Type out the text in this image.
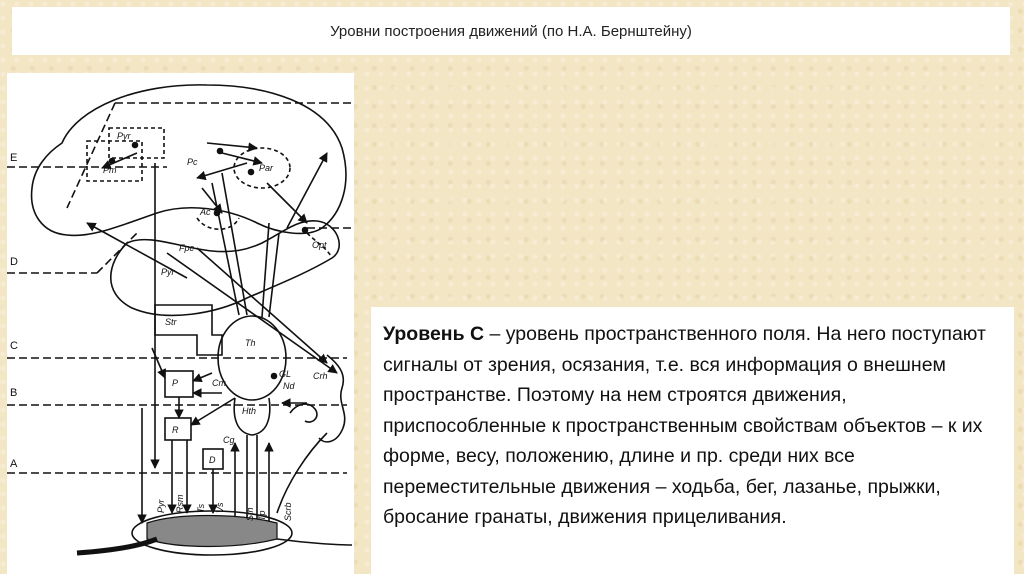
Уровни построения движений (по Н.А. Бернштейну)
E
D
C
B
A
Pyr
Pm
Pc
Par
Ac
Fpc	Opt
Pyr
Str
Th
P	Cm
GL
Nd
Crh
Hth
R
Cg
D
Pyr Rsm Ts Vs Sth Tp Scrb

Уровень С – уровень пространственного поля. На него поступают сигналы от зрения, осязания, т.е. вся информация о внешнем пространстве. Поэтому на нем строятся движения, приспособленные к пространственным свойствам объектов – к их форме, весу, положению, длине и пр. среди них все переместительные движения – ходьба, бег, лазанье, прыжки, бросание гранаты, движения прицеливания.
